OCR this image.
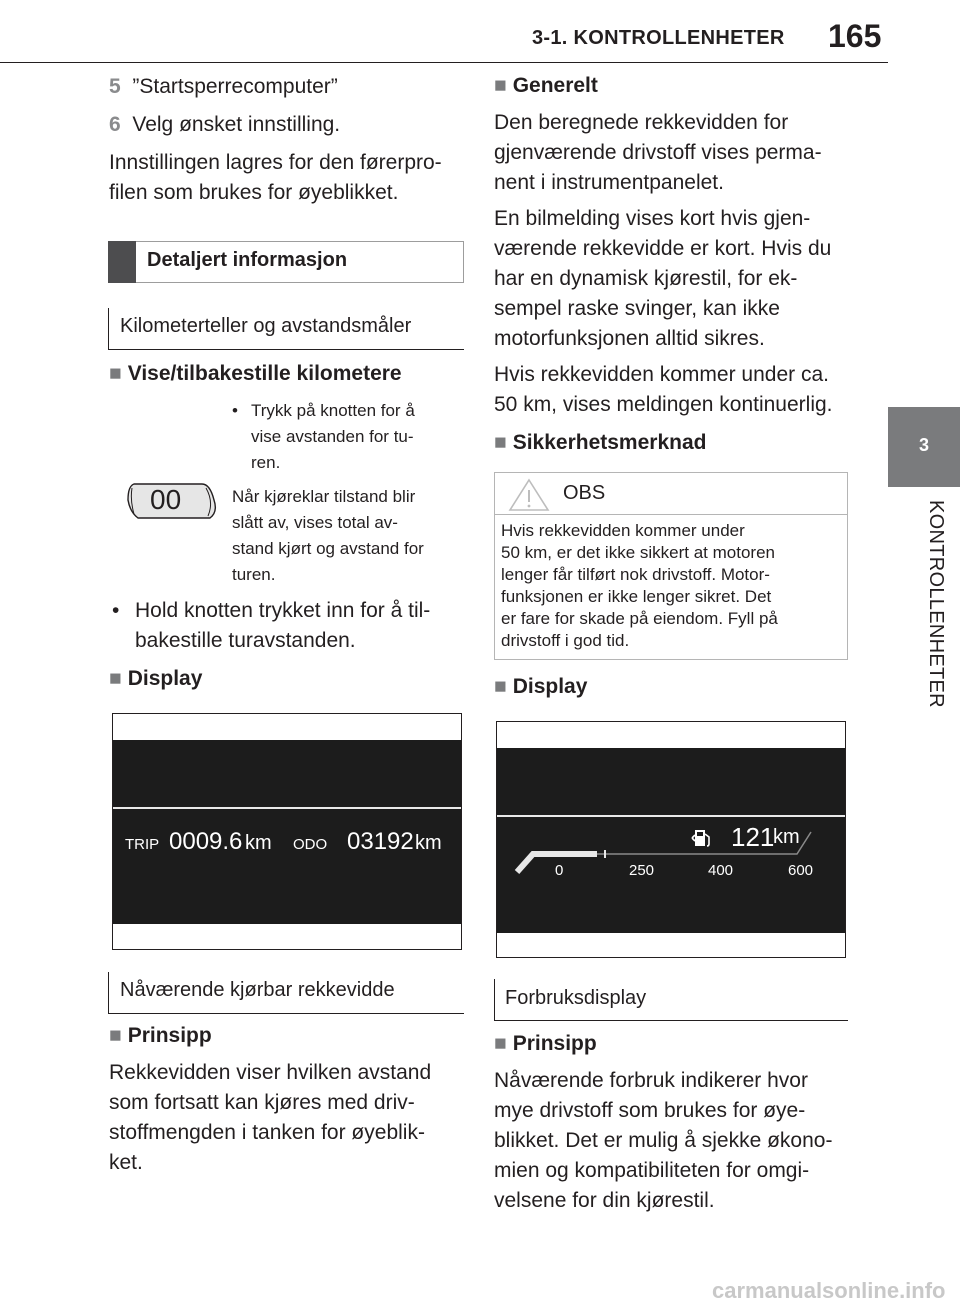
3-1. KONTROLLENHETER 165
3
KONTROLLENHETER
5 ”Startsperrecomputer”
6 Velg ønsket innstilling.
Innstillingen lagres for den førerpro-
filen som brukes for øyeblikket.
Detaljert informasjon
Kilometerteller og avstandsmåler
■ Vise/tilbakestille kilometere
• Trykk på knotten for å
vise avstanden for tu-
ren.
00	Når kjøreklar tilstand blir
slått av, vises total av-
stand kjørt og avstand for
turen.
• Hold knotten trykket inn for å til-
bakestille turavstanden.
■ Display
TRIP 0009.6 km ODO 03192 km
Nåværende kjørbar rekkevidde
■ Prinsipp
Rekkevidden viser hvilken avstand
som fortsatt kan kjøres med driv-
stoffmengden i tanken for øyeblik-
ket.
■ Generelt
Den beregnede rekkevidden for
gjenværende drivstoff vises perma-
nent i instrumentpanelet.
En bilmelding vises kort hvis gjen-
værende rekkevidde er kort. Hvis du
har en dynamisk kjørestil, for ek-
sempel raske svinger, kan ikke
motorfunksjonen alltid sikres.
Hvis rekkevidden kommer under ca.
50 km, vises meldingen kontinuerlig.
■ Sikkerhetsmerknad
OBS
Hvis rekkevidden kommer under
50 km, er det ikke sikkert at motoren
lenger får tilført nok drivstoff. Motor-
funksjonen er ikke lenger sikret. Det
er fare for skade på eiendom. Fyll på
drivstoff i god tid.
■ Display
121
km
0	250	400	600
Forbruksdisplay
■ Prinsipp
Nåværende forbruk indikerer hvor
mye drivstoff som brukes for øye-
blikket. Det er mulig å sjekke økono-
mien og kompatibiliteten for omgi-
velsene for din kjørestil.
carmanualsonline.info
